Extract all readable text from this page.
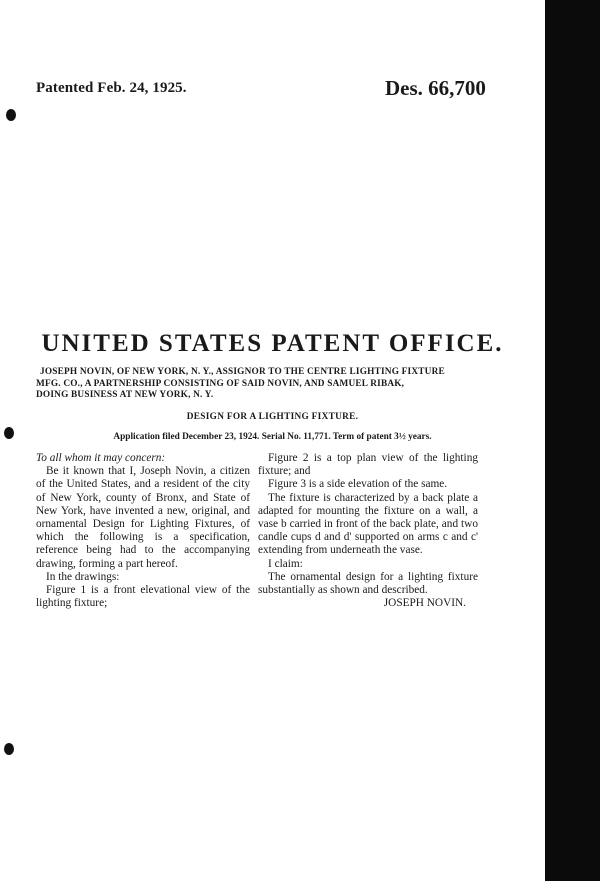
Patented Feb. 24, 1925.	Des. 66,700
UNITED STATES PATENT OFFICE.
JOSEPH NOVIN, OF NEW YORK, N. Y., ASSIGNOR TO THE CENTRE LIGHTING FIXTURE
MFG. CO., A PARTNERSHIP CONSISTING OF SAID NOVIN, AND SAMUEL RIBAK,
DOING BUSINESS AT NEW YORK, N. Y.
DESIGN FOR A LIGHTING FIXTURE.
Application filed December 23, 1924. Serial No. 11,771. Term of patent 3½ years.

To all whom it may concern:

Be it known that I, Joseph Novin, a citizen of the United States, and a resident of the city of New York, county of Bronx, and State of New York, have invented a new, original, and ornamental Design for Lighting Fixtures, of which the following is a specification, reference being had to the accompanying drawing, forming a part hereof.

In the drawings:

Figure 1 is a front elevational view of the lighting fixture;

Figure 2 is a top plan view of the lighting fixture; and

Figure 3 is a side elevation of the same.

The fixture is characterized by a back plate a adapted for mounting the fixture on a wall, a vase b carried in front of the back plate, and two candle cups d and d' supported on arms c and c' extending from underneath the vase.

I claim:

The ornamental design for a lighting fixture substantially as shown and described.

JOSEPH NOVIN.
